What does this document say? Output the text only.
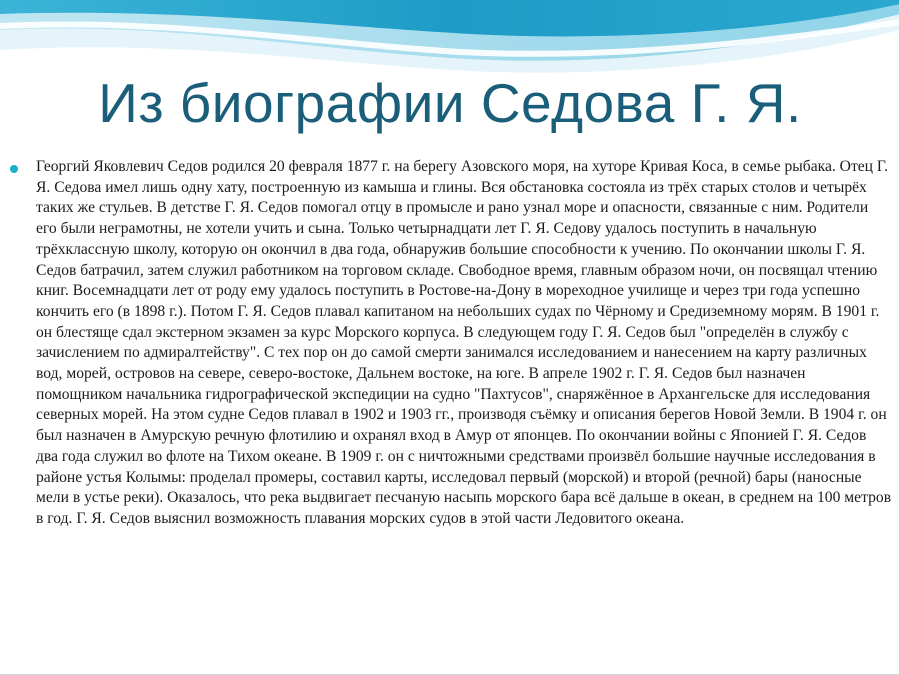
Из биографии Седова Г. Я.

Георгий Яковлевич Седов родился 20 февраля 1877 г. на берегу Азовского моря, на хуторе Кривая Коса, в семье рыбака. Отец Г. Я. Седова имел лишь одну хату, построенную из камыша и глины. Вся обстановка состояла из трёх старых столов и четырёх таких же стульев. В детстве Г. Я. Седов помогал отцу в промысле и рано узнал море и опасности, связанные с ним. Родители его были неграмотны, не хотели учить и сына. Только четырнадцати лет Г. Я. Седову удалось поступить в начальную трёхклассную школу, которую он окончил в два года, обнаружив большие способности к учению. По окончании школы Г. Я. Седов батрачил, затем служил работником на торговом складе. Свободное время, главным образом ночи, он посвящал чтению книг. Восемнадцати лет от роду ему удалось поступить в Ростове-на-Дону в мореходное училище и через три года успешно кончить его (в 1898 г.). Потом Г. Я. Седов плавал капитаном на небольших судах по Чёрному и Средиземному морям. В 1901 г. он блестяще сдал экстерном экзамен за курс Морского корпуса. В следующем году Г. Я. Седов был "определён в службу с зачислением по адмиралтейству". С тех пор он до самой смерти занимался исследованием и нанесением на карту различных вод, морей, островов на севере, северо-востоке, Дальнем востоке, на юге. В апреле 1902 г. Г. Я. Седов был назначен помощником начальника гидрографической экспедиции на судно "Пахтусов", снаряжённое в Архангельске для исследования северных морей. На этом судне Седов плавал в 1902 и 1903 гг., производя съёмку и описания берегов Новой Земли. В 1904 г. он был назначен в Амурскую речную флотилию и охранял вход в Амур от японцев. По окончании войны с Японией Г. Я. Седов два года служил во флоте на Тихом океане. В 1909 г. он с ничтожными средствами произвёл большие научные исследования в районе устья Колымы: проделал промеры, составил карты, исследовал первый (морской) и второй (речной) бары (наносные мели в устье реки). Оказалось, что река выдвигает песчаную насыпь морского бара всё дальше в океан, в среднем на 100 метров в год. Г. Я. Седов выяснил возможность плавания морских судов в этой части Ледовитого океана.
